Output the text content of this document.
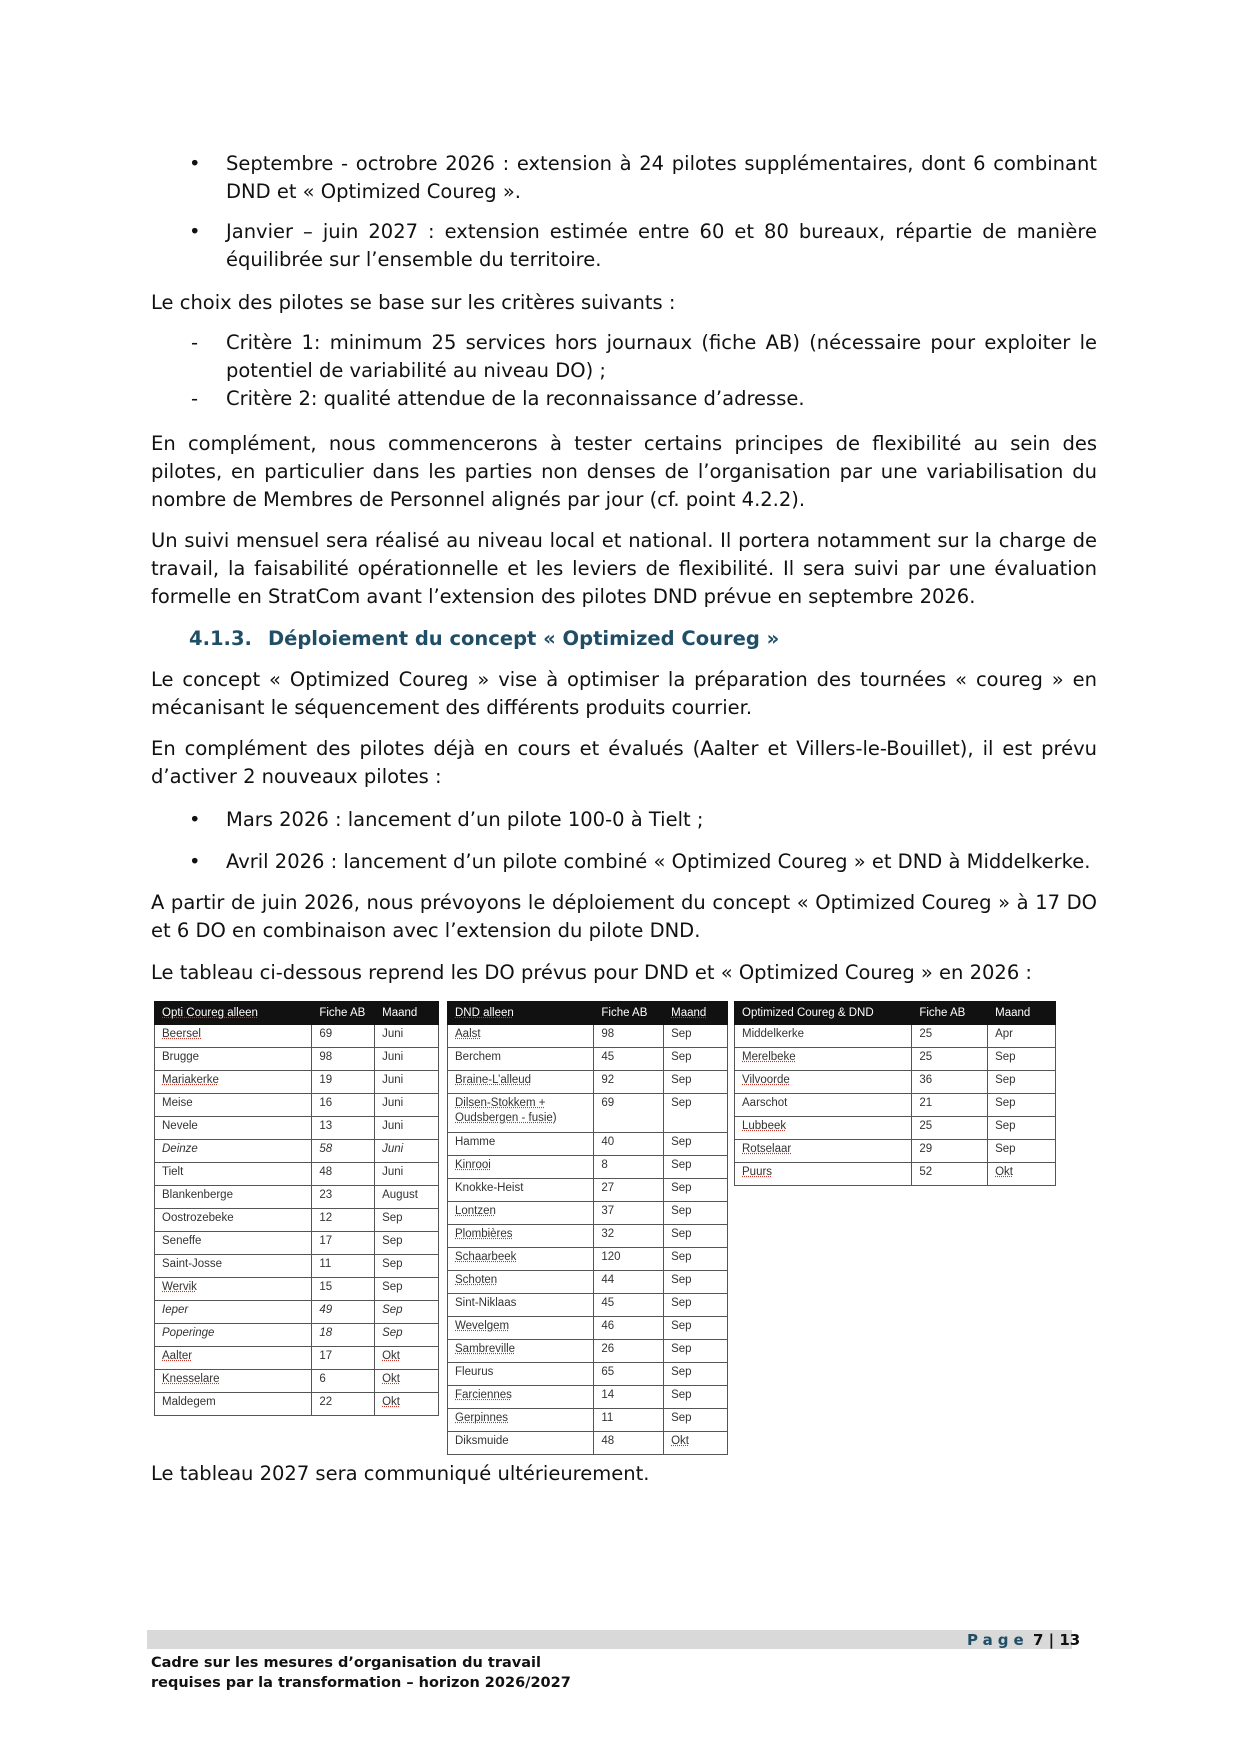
• Septembre - octrobre 2026 : extension à 24 pilotes supplémentaires, dont 6 combinant DND et « Optimized Coureg ».
• Janvier – juin 2027 : extension estimée entre 60 et 80 bureaux, répartie de manière équilibrée sur l’ensemble du territoire.
Le choix des pilotes se base sur les critères suivants :
- Critère 1: minimum 25 services hors journaux (fiche AB) (nécessaire pour exploiter le potentiel de variabilité au niveau DO) ;
- Critère 2: qualité attendue de la reconnaissance d’adresse.
En complément, nous commencerons à tester certains principes de flexibilité au sein des pilotes, en particulier dans les parties non denses de l’organisation par une variabilisation du nombre de Membres de Personnel alignés par jour (cf. point 4.2.2).
Un suivi mensuel sera réalisé au niveau local et national. Il portera notamment sur la charge de travail, la faisabilité opérationnelle et les leviers de flexibilité. Il sera suivi par une évaluation formelle en StratCom avant l’extension des pilotes DND prévue en septembre 2026.
4.1.3. Déploiement du concept « Optimized Coureg »
Le concept « Optimized Coureg » vise à optimiser la préparation des tournées « coureg » en mécanisant le séquencement des différents produits courrier.
En complément des pilotes déjà en cours et évalués (Aalter et Villers-le-Bouillet), il est prévu d’activer 2 nouveaux pilotes :
• Mars 2026 : lancement d’un pilote 100-0 à Tielt ;
• Avril 2026 : lancement d’un pilote combiné « Optimized Coureg » et DND à Middelkerke.
A partir de juin 2026, nous prévoyons le déploiement du concept « Optimized Coureg » à 17 DO et 6 DO en combinaison avec l’extension du pilote DND.
Le tableau ci-dessous reprend les DO prévus pour DND et « Optimized Coureg » en 2026 :
Opti Coureg alleen	Fiche AB	Maand
Beersel	69	Juni
Brugge	98	Juni
Mariakerke	19	Juni
Meise	16	Juni
Nevele	13	Juni
Deinze	58	Juni
Tielt	48	Juni
Blankenberge	23	August
Oostrozebeke	12	Sep
Seneffe	17	Sep
Saint-Josse	11	Sep
Wervik	15	Sep
Ieper	49	Sep
Poperinge	18	Sep
Aalter	17	Okt
Knesselare	6	Okt
Maldegem	22	Okt
DND alleen	Fiche AB	Maand
Aalst	98	Sep
Berchem	45	Sep
Braine-L’alleud	92	Sep
Dilsen-Stokkem + Oudsbergen - fusie)	69	Sep
Hamme	40	Sep
Kinrooi	8	Sep
Knokke-Heist	27	Sep
Lontzen	37	Sep
Plombières	32	Sep
Schaarbeek	120	Sep
Schoten	44	Sep
Sint-Niklaas	45	Sep
Wevelgem	46	Sep
Sambreville	26	Sep
Fleurus	65	Sep
Farciennes	14	Sep
Gerpinnes	11	Sep
Diksmuide	48	Okt
Optimized Coureg & DND	Fiche AB	Maand
Middelkerke	25	Apr
Merelbeke	25	Sep
Vilvoorde	36	Sep
Aarschot	21	Sep
Lubbeek	25	Sep
Rotselaar	29	Sep
Puurs	52	Okt
Le tableau 2027 sera communiqué ultérieurement.
Page 7 | 13
Cadre sur les mesures d’organisation du travail
requises par la transformation – horizon 2026/2027
